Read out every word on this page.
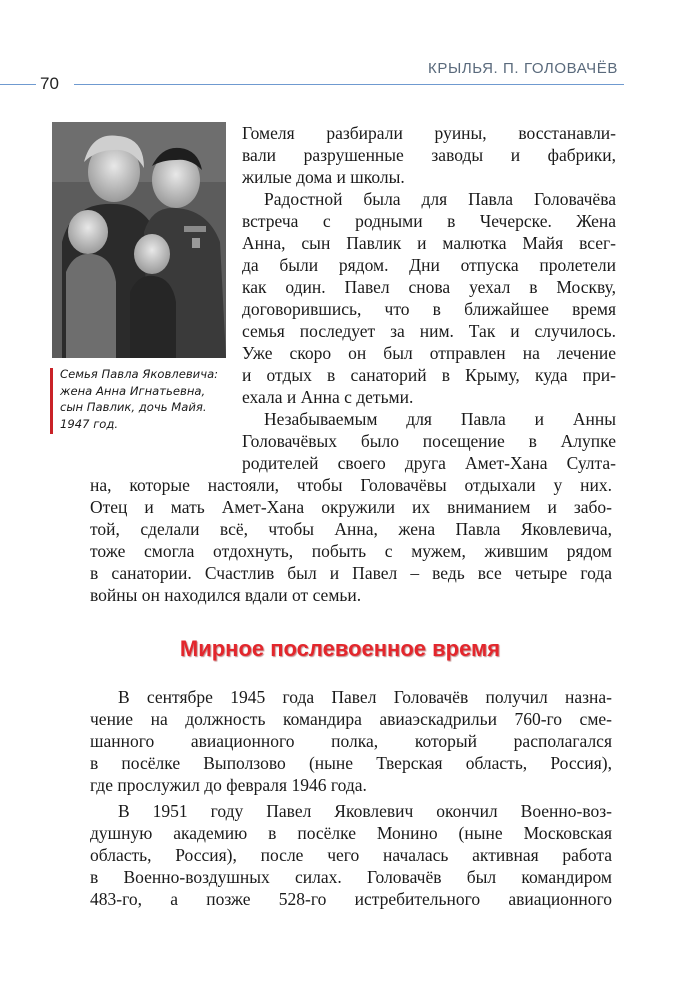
70
КРЫЛЬЯ. П. ГОЛОВАЧЁВ
Семья Павла Яковлевича:
жена Анна Игнатьевна,
сын Павлик, дочь Майя.
1947 год.
Гомеля разбирали руины, восстанавли-
вали разрушенные заводы и фабрики,
жилые дома и школы.
Радостной была для Павла Головачёва
встреча с родными в Чечерске. Жена
Анна, сын Павлик и малютка Майя всег-
да были рядом. Дни отпуска пролетели
как один. Павел снова уехал в Москву,
договорившись, что в ближайшее время
семья последует за ним. Так и случилось.
Уже скоро он был отправлен на лечение
и отдых в санаторий в Крыму, куда при-
ехала и Анна с детьми.
Незабываемым для Павла и Анны
Головачёвых было посещение в Алупке
родителей своего друга Амет-Хана Султа-
на, которые настояли, чтобы Головачёвы отдыхали у них.
Отец и мать Амет-Хана окружили их вниманием и забо-
той, сделали всё, чтобы Анна, жена Павла Яковлевича,
тоже смогла отдохнуть, побыть с мужем, жившим рядом
в санатории. Счастлив был и Павел – ведь все четыре года
войны он находился вдали от семьи.
Мирное послевоенное время
В сентябре 1945 года Павел Головачёв получил назна-
чение на должность командира авиаэскадрильи 760-го сме-
шанного авиационного полка, который располагался
в посёлке Выползово (ныне Тверская область, Россия),
где прослужил до февраля 1946 года.
В 1951 году Павел Яковлевич окончил Военно-воз-
душную академию в посёлке Монино (ныне Московская
область, Россия), после чего началась активная работа
в Военно-воздушных силах. Головачёв был командиром
483-го, а позже 528-го истребительного авиационного
